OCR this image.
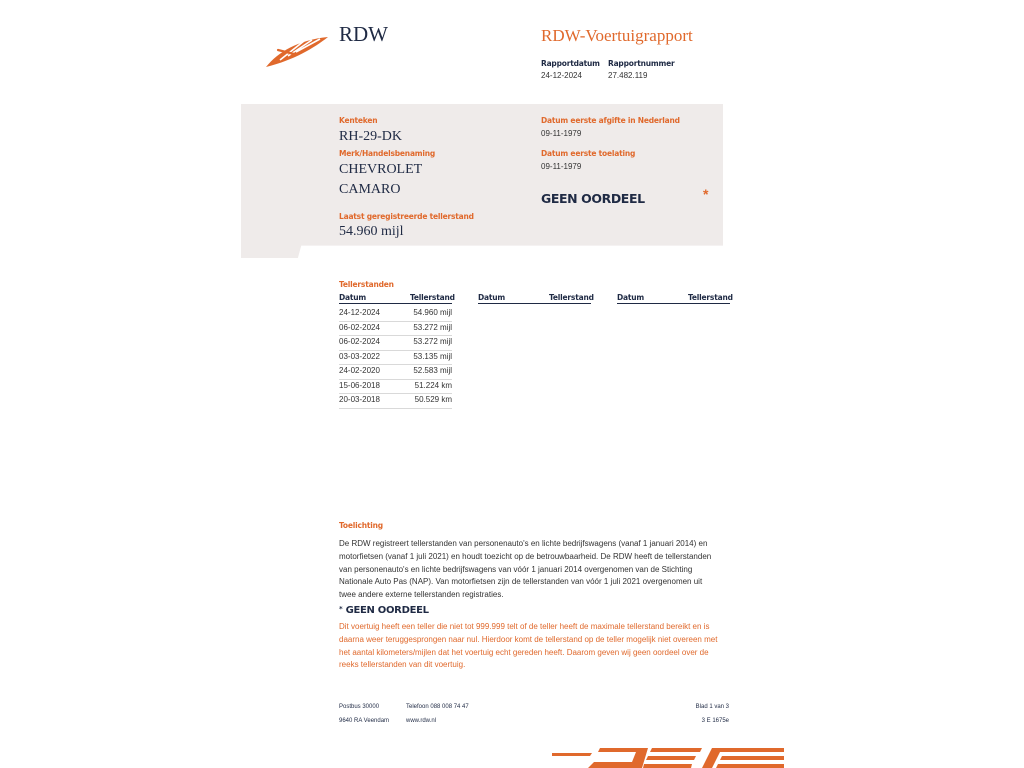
RDW	RDW-Voertuigrapport
Rapportdatum
24-12-2024
Rapportnummer
27.482.119
Kenteken
RH-29-DK
Merk/Handelsbenaming
CHEVROLET
CAMARO
Laatst geregistreerde tellerstand
54.960 mijl
Datum eerste afgifte in Nederland
09-11-1979
Datum eerste toelating
09-11-1979
GEEN OORDEEL	*
Tellerstanden
Datum	Tellerstand	Datum	Tellerstand	Datum	Tellerstand
24-12-2024	54.960 mijl
06-02-2024	53.272 mijl
06-02-2024	53.272 mijl
03-03-2022	53.135 mijl
24-02-2020	52.583 mijl
15-06-2018	51.224 km
20-03-2018	50.529 km
Toelichting
De RDW registreert tellerstanden van personenauto's en lichte bedrijfswagens (vanaf 1 januari 2014) en
motorfietsen (vanaf 1 juli 2021) en houdt toezicht op de betrouwbaarheid. De RDW heeft de tellerstanden
van personenauto's en lichte bedrijfswagens van vóór 1 januari 2014 overgenomen van de Stichting
Nationale Auto Pas (NAP). Van motorfietsen zijn de tellerstanden van vóór 1 juli 2021 overgenomen uit
twee andere externe tellerstanden registraties.
* GEEN OORDEEL
Dit voertuig heeft een teller die niet tot 999.999 telt of de teller heeft de maximale tellerstand bereikt en is
daarna weer teruggesprongen naar nul. Hierdoor komt de tellerstand op de teller mogelijk niet overeen met
het aantal kilometers/mijlen dat het voertuig echt gereden heeft. Daarom geven wij geen oordeel over de
reeks tellerstanden van dit voertuig.
Postbus 30000
9640 RA Veendam
Telefoon 088 008 74 47
www.rdw.nl
Blad 1 van 3
3 E 1675e
